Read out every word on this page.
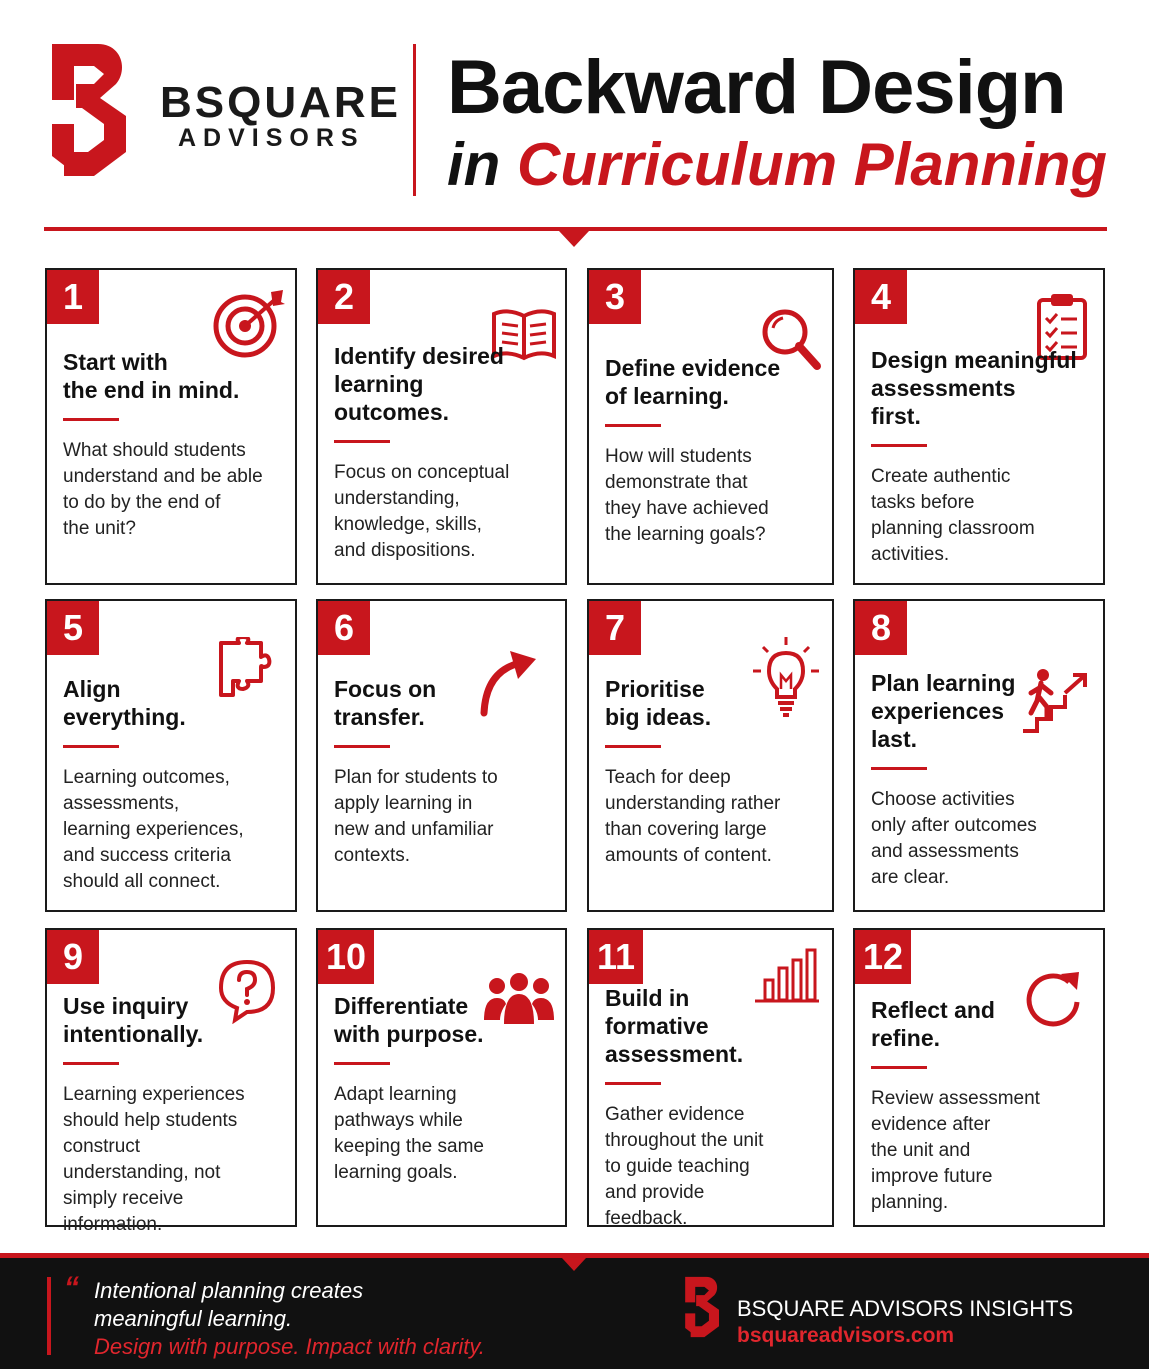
BSQUARE
ADVISORS
Backward Design
in Curriculum Planning
1
Start with
the end in mind.
What should students
understand and be able
to do by the end of
the unit?
2
Identify desired
learning
outcomes.
Focus on conceptual
understanding,
knowledge, skills,
and dispositions.
3
Define evidence
of learning.
How will students
demonstrate that
they have achieved
the learning goals?
4
Design meaningful
assessments
first.
Create authentic
tasks before
planning classroom
activities.
5
Align
everything.
Learning outcomes,
assessments,
learning experiences,
and success criteria
should all connect.
6
Focus on
transfer.
Plan for students to
apply learning in
new and unfamiliar
contexts.
7
Prioritise
big ideas.
Teach for deep
understanding rather
than covering large
amounts of content.
8
Plan learning
experiences
last.
Choose activities
only after outcomes
and assessments
are clear.
9
Use inquiry
intentionally.
Learning experiences
should help students
construct
understanding, not
simply receive
information.
10
Differentiate
with purpose.
Adapt learning
pathways while
keeping the same
learning goals.
11
Build in
formative
assessment.
Gather evidence
throughout the unit
to guide teaching
and provide
feedback.
12
Reflect and
refine.
Review assessment
evidence after
the unit and
improve future
planning.
“ Intentional planning creates
meaningful learning.
Design with purpose. Impact with clarity.
BSQUARE ADVISORS INSIGHTS
bsquareadvisors.com
